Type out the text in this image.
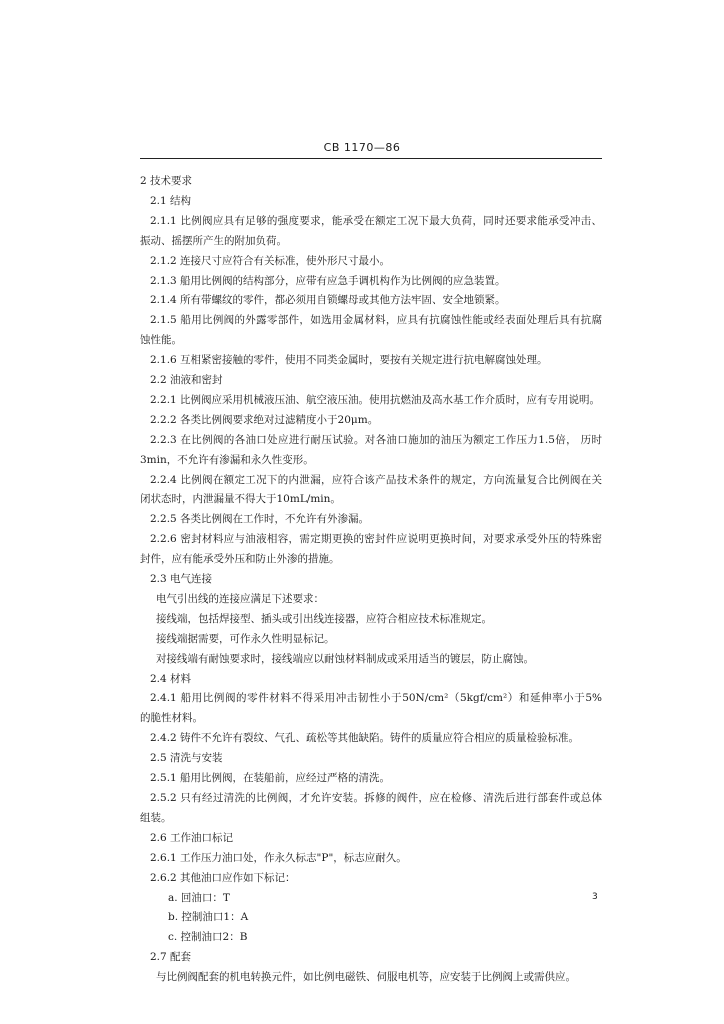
CB 1170—86
2 技术要求
2.1 结构
2.1.1 比例阀应具有足够的强度要求，能承受在额定工况下最大负荷，同时还要求能承受冲击、
振动、摇摆所产生的附加负荷。
2.1.2 连接尺寸应符合有关标准，使外形尺寸最小。
2.1.3 船用比例阀的结构部分，应带有应急手调机构作为比例阀的应急装置。
2.1.4 所有带螺纹的零件，都必须用自锁螺母或其他方法牢固、安全地锁紧。
2.1.5 船用比例阀的外露零部件，如选用金属材料，应具有抗腐蚀性能或经表面处理后具有抗腐
蚀性能。
2.1.6 互相紧密接触的零件，使用不同类金属时，要按有关规定进行抗电解腐蚀处理。
2.2 油液和密封
2.2.1 比例阀应采用机械液压油、航空液压油。使用抗燃油及高水基工作介质时，应有专用说明。
2.2.2 各类比例阀要求绝对过滤精度小于20μm。
2.2.3 在比例阀的各油口处应进行耐压试验。对各油口施加的油压为额定工作压力1.5倍， 历时
3min，不允许有渗漏和永久性变形。
2.2.4 比例阀在额定工况下的内泄漏，应符合该产品技术条件的规定，方向流量复合比例阀在关
闭状态时，内泄漏量不得大于10mL/min。
2.2.5 各类比例阀在工作时，不允许有外渗漏。
2.2.6 密封材料应与油液相容，需定期更换的密封件应说明更换时间，对要求承受外压的特殊密
封件，应有能承受外压和防止外渗的措施。
2.3 电气连接
电气引出线的连接应满足下述要求：
接线端，包括焊接型、插头或引出线连接器，应符合相应技术标准规定。
接线端据需要，可作永久性明显标记。
对接线端有耐蚀要求时，接线端应以耐蚀材料制成或采用适当的镀层，防止腐蚀。
2.4 材料
2.4.1 船用比例阀的零件材料不得采用冲击韧性小于50N/cm²（5kgf/cm²）和延伸率小于5%
的脆性材料。
2.4.2 铸件不允许有裂纹、气孔、疏松等其他缺陷。铸件的质量应符合相应的质量检验标准。
2.5 清洗与安装
2.5.1 船用比例阀，在装船前，应经过严格的清洗。
2.5.2 只有经过清洗的比例阀，才允许安装。拆修的阀件，应在检修、清洗后进行部套件或总体
组装。
2.6 工作油口标记
2.6.1 工作压力油口处，作永久标志"P"，标志应耐久。
2.6.2 其他油口应作如下标记：
a. 回油口：T
b. 控制油口1：A
c. 控制油口2：B
2.7 配套
与比例阀配套的机电转换元件，如比例电磁铁、伺服电机等，应安装于比例阀上或需供应。
3
